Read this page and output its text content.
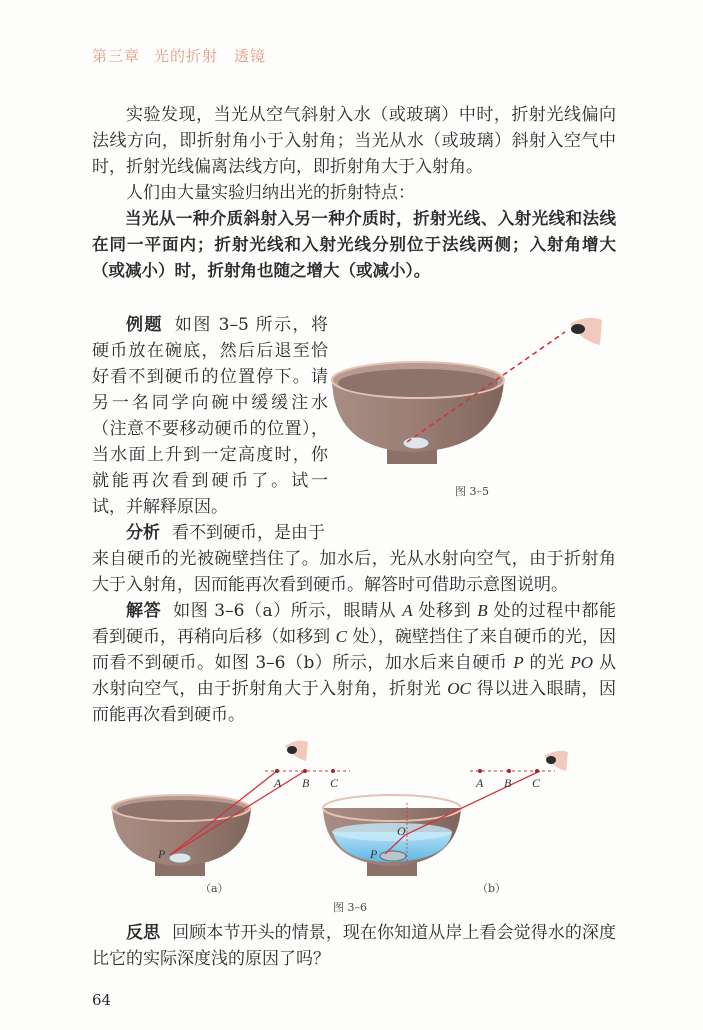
第三章 光的折射　透镜

实验发现，当光从空气斜射入水（或玻璃）中时，折射光线偏向法线方向，即折射角小于入射角；当光从水（或玻璃）斜射入空气中时，折射光线偏离法线方向，即折射角大于入射角。

人们由大量实验归纳出光的折射特点：

当光从一种介质斜射入另一种介质时，折射光线、入射光线和法线在同一平面内；折射光线和入射光线分别位于法线两侧；入射角增大（或减小）时，折射角也随之增大（或减小）。

例题 如图 3–5 所示，将硬币放在碗底，然后后退至恰好看不到硬币的位置停下。请另一名同学向碗中缓缓注水（注意不要移动硬币的位置），当水面上升到一定高度时，你就能再次看到硬币了。试一试，并解释原因。

分析 看不到硬币，是由于

图 3–5

来自硬币的光被碗壁挡住了。加水后，光从水射向空气，由于折射角大于入射角，因而能再次看到硬币。解答时可借助示意图说明。

解答 如图 3–6（a）所示，眼睛从 A 处移到 B 处的过程中都能看到硬币，再稍向后移（如移到 C 处），碗壁挡住了来自硬币的光，因而看不到硬币。如图 3–6（b）所示，加水后来自硬币 P 的光 PO 从水射向空气，由于折射角大于入射角，折射光 OC 得以进入眼睛，因而能再次看到硬币。

A B C
P
（a）
A B C
O
P
（b）
图 3–6

反思 回顾本节开头的情景，现在你知道从岸上看会觉得水的深度比它的实际深度浅的原因了吗？

64
